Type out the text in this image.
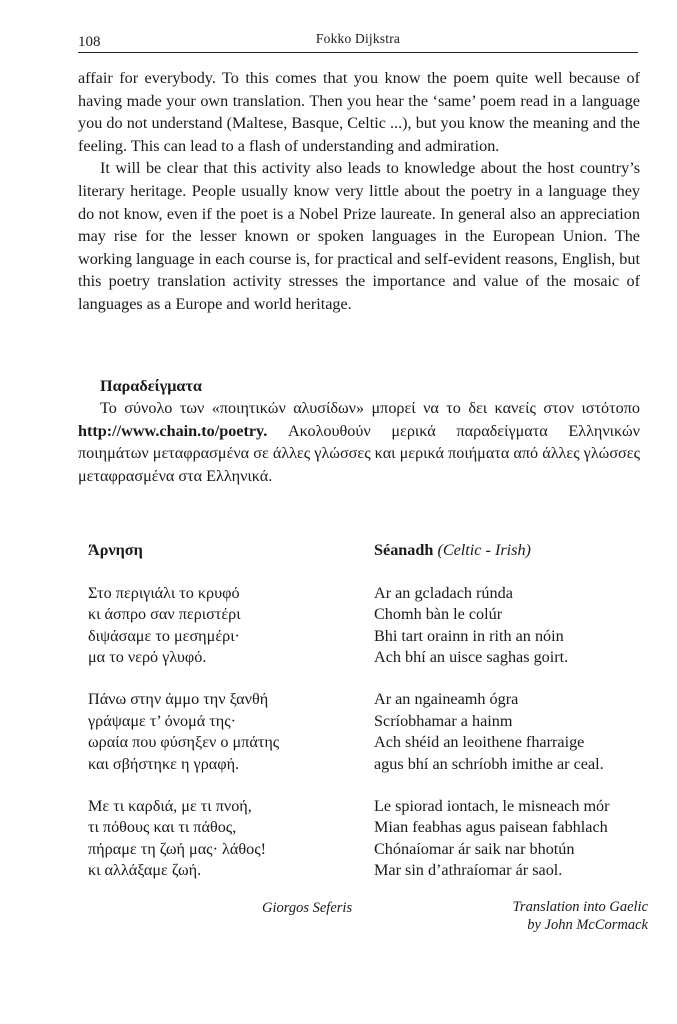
108	Fokko Dijkstra

affair for everybody. To this comes that you know the poem quite well because of having made your own translation. Then you hear the ‘same’ poem read in a language you do not understand (Maltese, Basque, Celtic ...), but you know the meaning and the feeling. This can lead to a flash of understanding and admiration.

It will be clear that this activity also leads to knowledge about the host country’s literary heritage. People usually know very little about the poetry in a language they do not know, even if the poet is a Nobel Prize laureate. In general also an appreciation may rise for the lesser known or spoken languages in the European Union. The working language in each course is, for practical and self-evident reasons, English, but this poetry translation activity stresses the importance and value of the mosaic of languages as a Europe and world heritage.

Παραδείγματα

Το σύνολο των «ποιητικών αλυσίδων» μπορεί να το δει κανείς στον ιστότοπο http://www.chain.to/poetry. Ακολουθούν μερικά παραδείγματα Ελληνικών ποιημάτων μεταφρασμένα σε άλλες γλώσσες και μερικά ποιήματα από άλλες γλώσσες μεταφρασμένα στα Ελληνικά.

Άρνηση
Στο περιγιάλι το κρυφό
κι άσπρο σαν περιστέρι
διψάσαμε το μεσημέρι·
μα το νερό γλυφό.
Πάνω στην άμμο την ξανθή
γράψαμε τ’ όνομά της·
ωραία που φύσηξεν ο μπάτης
και σβήστηκε η γραφή.
Με τι καρδιά, με τι πνοή,
τι πόθους και τι πάθος,
πήραμε τη ζωή μας· λάθος!
κι αλλάξαμε ζωή.
Séanadh (Celtic - Irish)
Ar an gcladach rúnda
Chomh bàn le colúr
Bhi tart orainn in rith an nóin
Ach bhí an uisce saghas goirt.
Ar an ngaineamh ógra
Scríobhamar a hainm
Ach shéid an leoithene fharraige
agus bhí an schríobh imithe ar ceal.
Le spiorad iontach, le misneach mór
Mian feabhas agus paisean fabhlach
Chónaíomar ár saik nar bhotún
Mar sin d’athraíomar ár saol.
Giorgos Seferis	Translation into Gaelic
by John McCormack
